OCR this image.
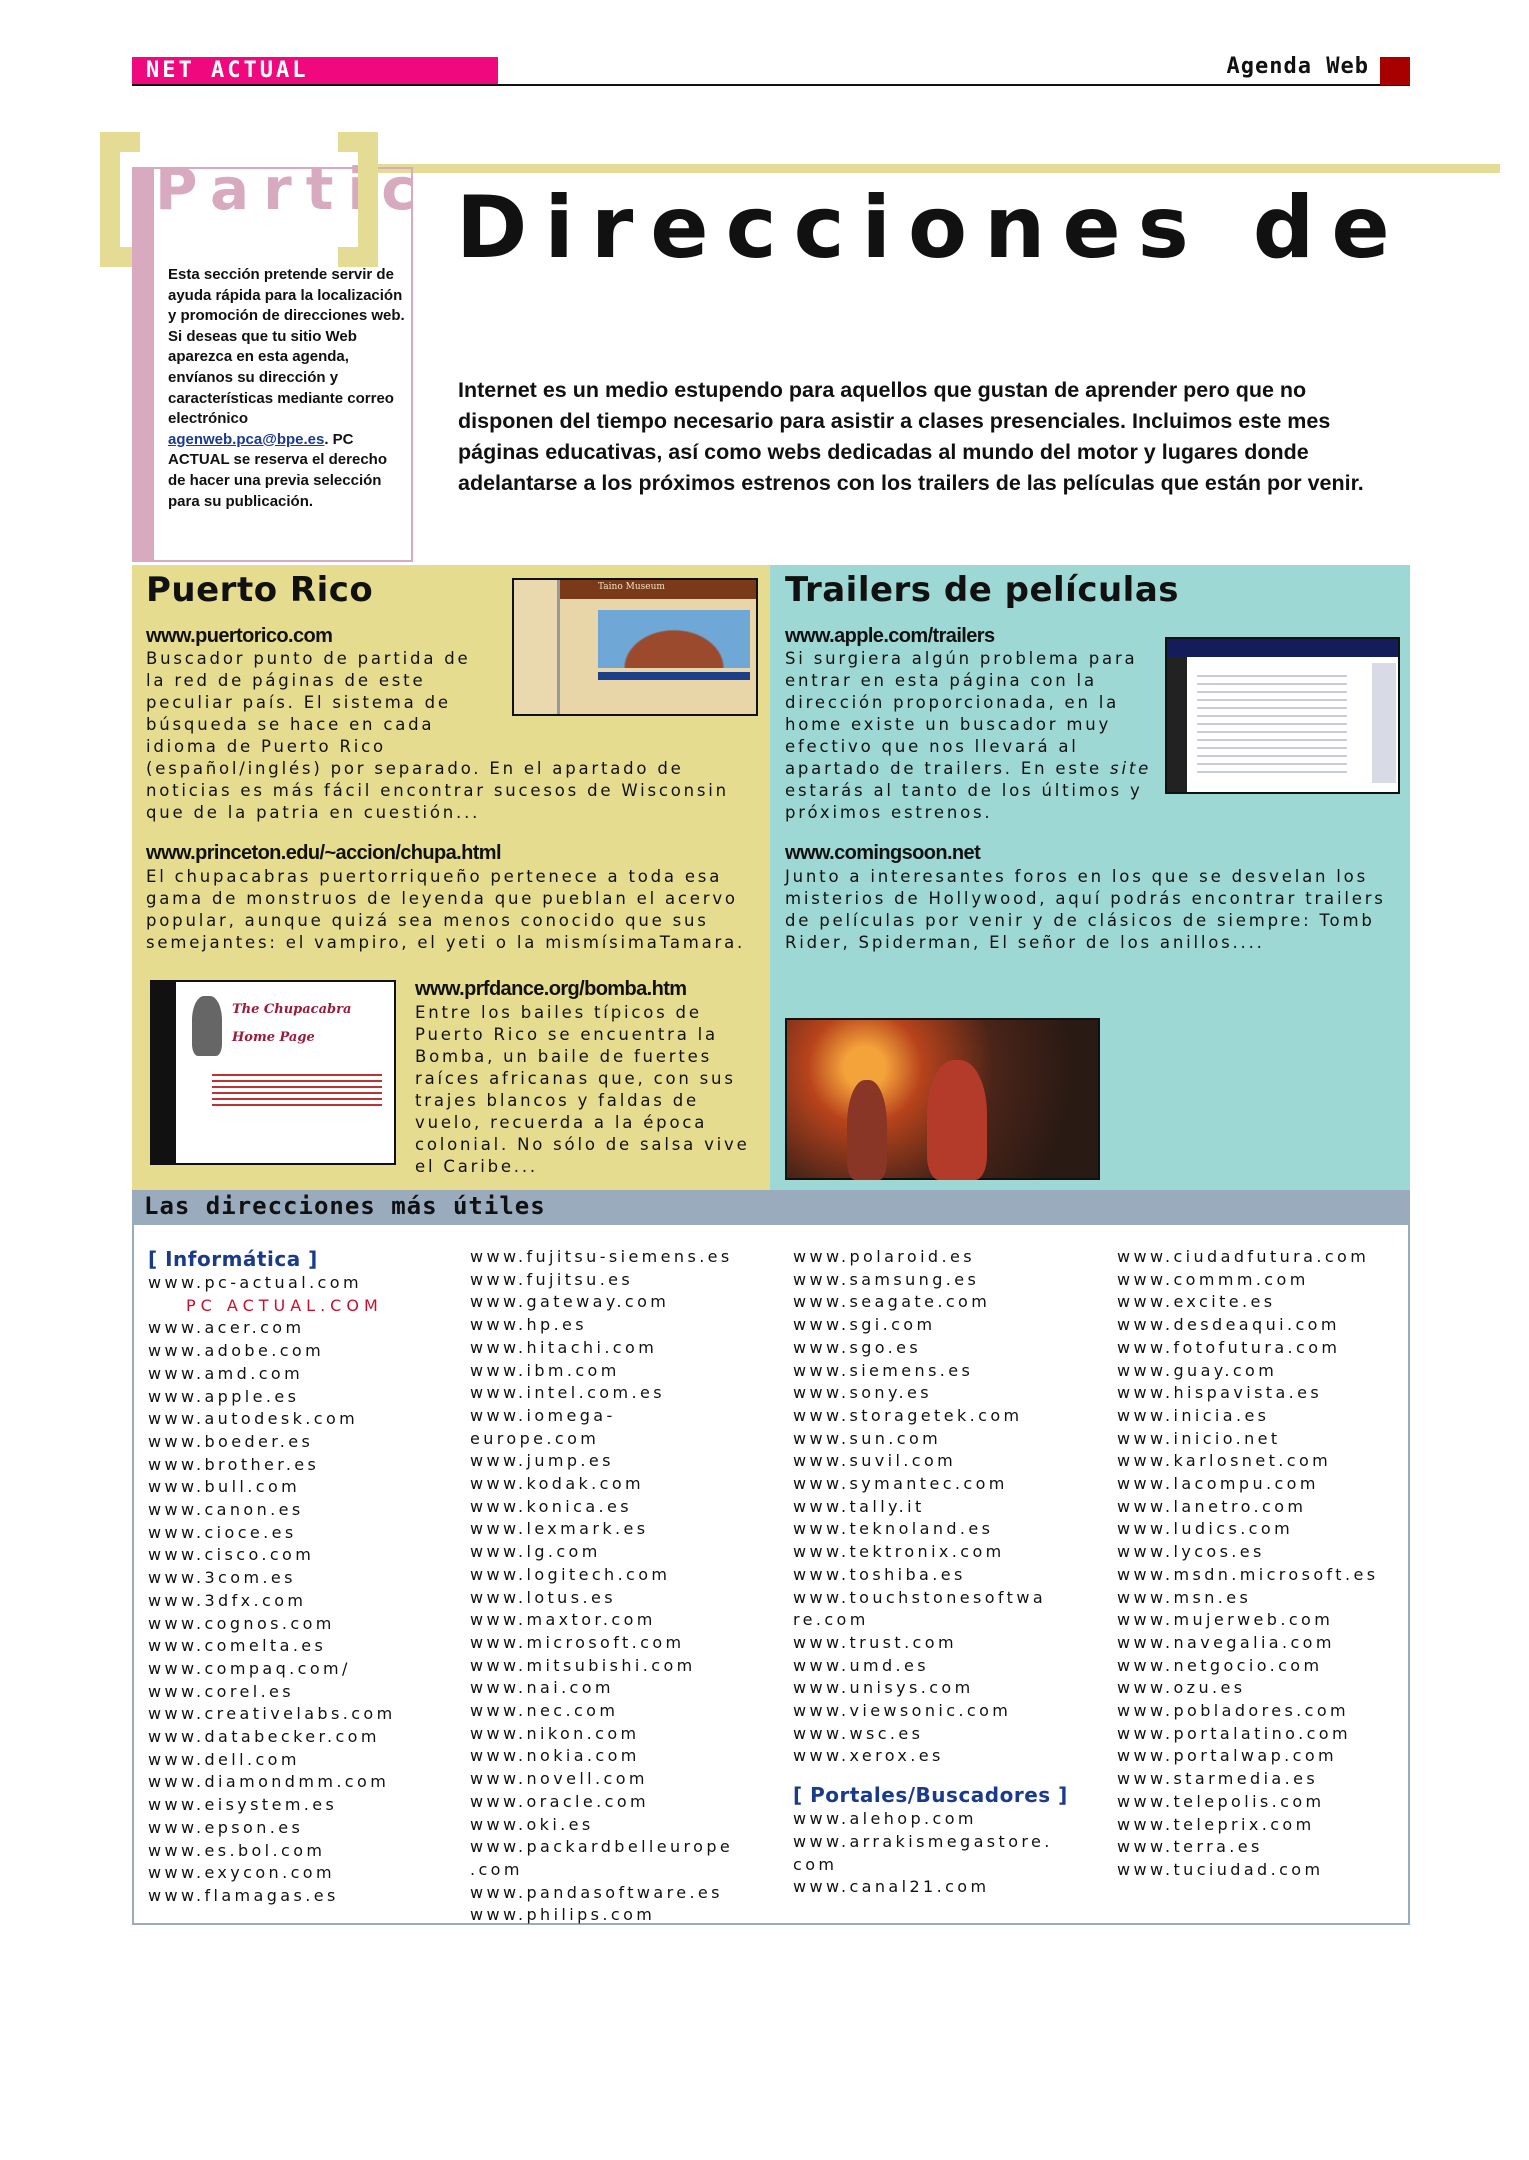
NET ACTUAL	Agenda Web
Partic
Esta sección pretende servir de ayuda rápida para la localización y promoción de direcciones web. Si deseas que tu sitio Web aparezca en esta agenda, envíanos su dirección y características mediante correo electrónico agenweb.pca@bpe.es. PC ACTUAL se reserva el derecho de hacer una previa selección para su publicación.
Direcciones de
Internet es un medio estupendo para aquellos que gustan de aprender pero que no disponen del tiempo necesario para asistir a clases presenciales. Incluimos este mes páginas educativas, así como webs dedicadas al mundo del motor y lugares donde adelantarse a los próximos estrenos con los trailers de las películas que están por venir.
Puerto Rico	Taino Museum
www.puertorico.com
Buscador punto de partida de la red de páginas de este peculiar país. El sistema de búsqueda se hace en cada idioma de Puerto Rico (español/inglés) por separado. En el apartado de noticias es más fácil encontrar sucesos de Wisconsin que de la patria en cuestión...
www.princeton.edu/~accion/chupa.html
El chupacabras puertorriqueño pertenece a toda esa gama de monstruos de leyenda que pueblan el acervo popular, aunque quizá sea menos conocido que sus semejantes: el vampiro, el yeti o la mismísimaTamara.
The Chupacabra Home Page
www.prfdance.org/bomba.htm
Entre los bailes típicos de Puerto Rico se encuentra la Bomba, un baile de fuertes raíces africanas que, con sus trajes blancos y faldas de vuelo, recuerda a la época colonial. No sólo de salsa vive el Caribe...
Trailers de películas
www.apple.com/trailers
Si surgiera algún problema para entrar en esta página con la dirección proporcionada, en la home existe un buscador muy efectivo que nos llevará al apartado de trailers. En este site estarás al tanto de los últimos y próximos estrenos.
www.comingsoon.net
Junto a interesantes foros en los que se desvelan los misterios de Hollywood, aquí podrás encontrar trailers de películas por venir y de clásicos de siempre: Tomb Rider, Spiderman, El señor de los anillos....
Las direcciones más útiles
[ Informática ]
www.pc-actual.com
PC ACTUAL.COM
www.acer.com
www.adobe.com
www.amd.com
www.apple.es
www.autodesk.com
www.boeder.es
www.brother.es
www.bull.com
www.canon.es
www.cioce.es
www.cisco.com
www.3com.es
www.3dfx.com
www.cognos.com
www.comelta.es
www.compaq.com/
www.corel.es
www.creativelabs.com
www.databecker.com
www.dell.com
www.diamondmm.com
www.eisystem.es
www.epson.es
www.es.bol.com
www.exycon.com
www.flamagas.es
www.fujitsu-siemens.es
www.fujitsu.es
www.gateway.com
www.hp.es
www.hitachi.com
www.ibm.com
www.intel.com.es
www.iomega-
europe.com
www.jump.es
www.kodak.com
www.konica.es
www.lexmark.es
www.lg.com
www.logitech.com
www.lotus.es
www.maxtor.com
www.microsoft.com
www.mitsubishi.com
www.nai.com
www.nec.com
www.nikon.com
www.nokia.com
www.novell.com
www.oracle.com
www.oki.es
www.packardbelleurope
.com
www.pandasoftware.es
www.philips.com
www.polaroid.es
www.samsung.es
www.seagate.com
www.sgi.com
www.sgo.es
www.siemens.es
www.sony.es
www.storagetek.com
www.sun.com
www.suvil.com
www.symantec.com
www.tally.it
www.teknoland.es
www.tektronix.com
www.toshiba.es
www.touchstonesoftwa
re.com
www.trust.com
www.umd.es
www.unisys.com
www.viewsonic.com
www.wsc.es
www.xerox.es
[ Portales/Buscadores ]
www.alehop.com
www.arrakismegastore.
com
www.canal21.com
www.ciudadfutura.com
www.commm.com
www.excite.es
www.desdeaqui.com
www.fotofutura.com
www.guay.com
www.hispavista.es
www.inicia.es
www.inicio.net
www.karlosnet.com
www.lacompu.com
www.lanetro.com
www.ludics.com
www.lycos.es
www.msdn.microsoft.es
www.msn.es
www.mujerweb.com
www.navegalia.com
www.netgocio.com
www.ozu.es
www.pobladores.com
www.portalatino.com
www.portalwap.com
www.starmedia.es
www.telepolis.com
www.teleprix.com
www.terra.es
www.tuciudad.com
